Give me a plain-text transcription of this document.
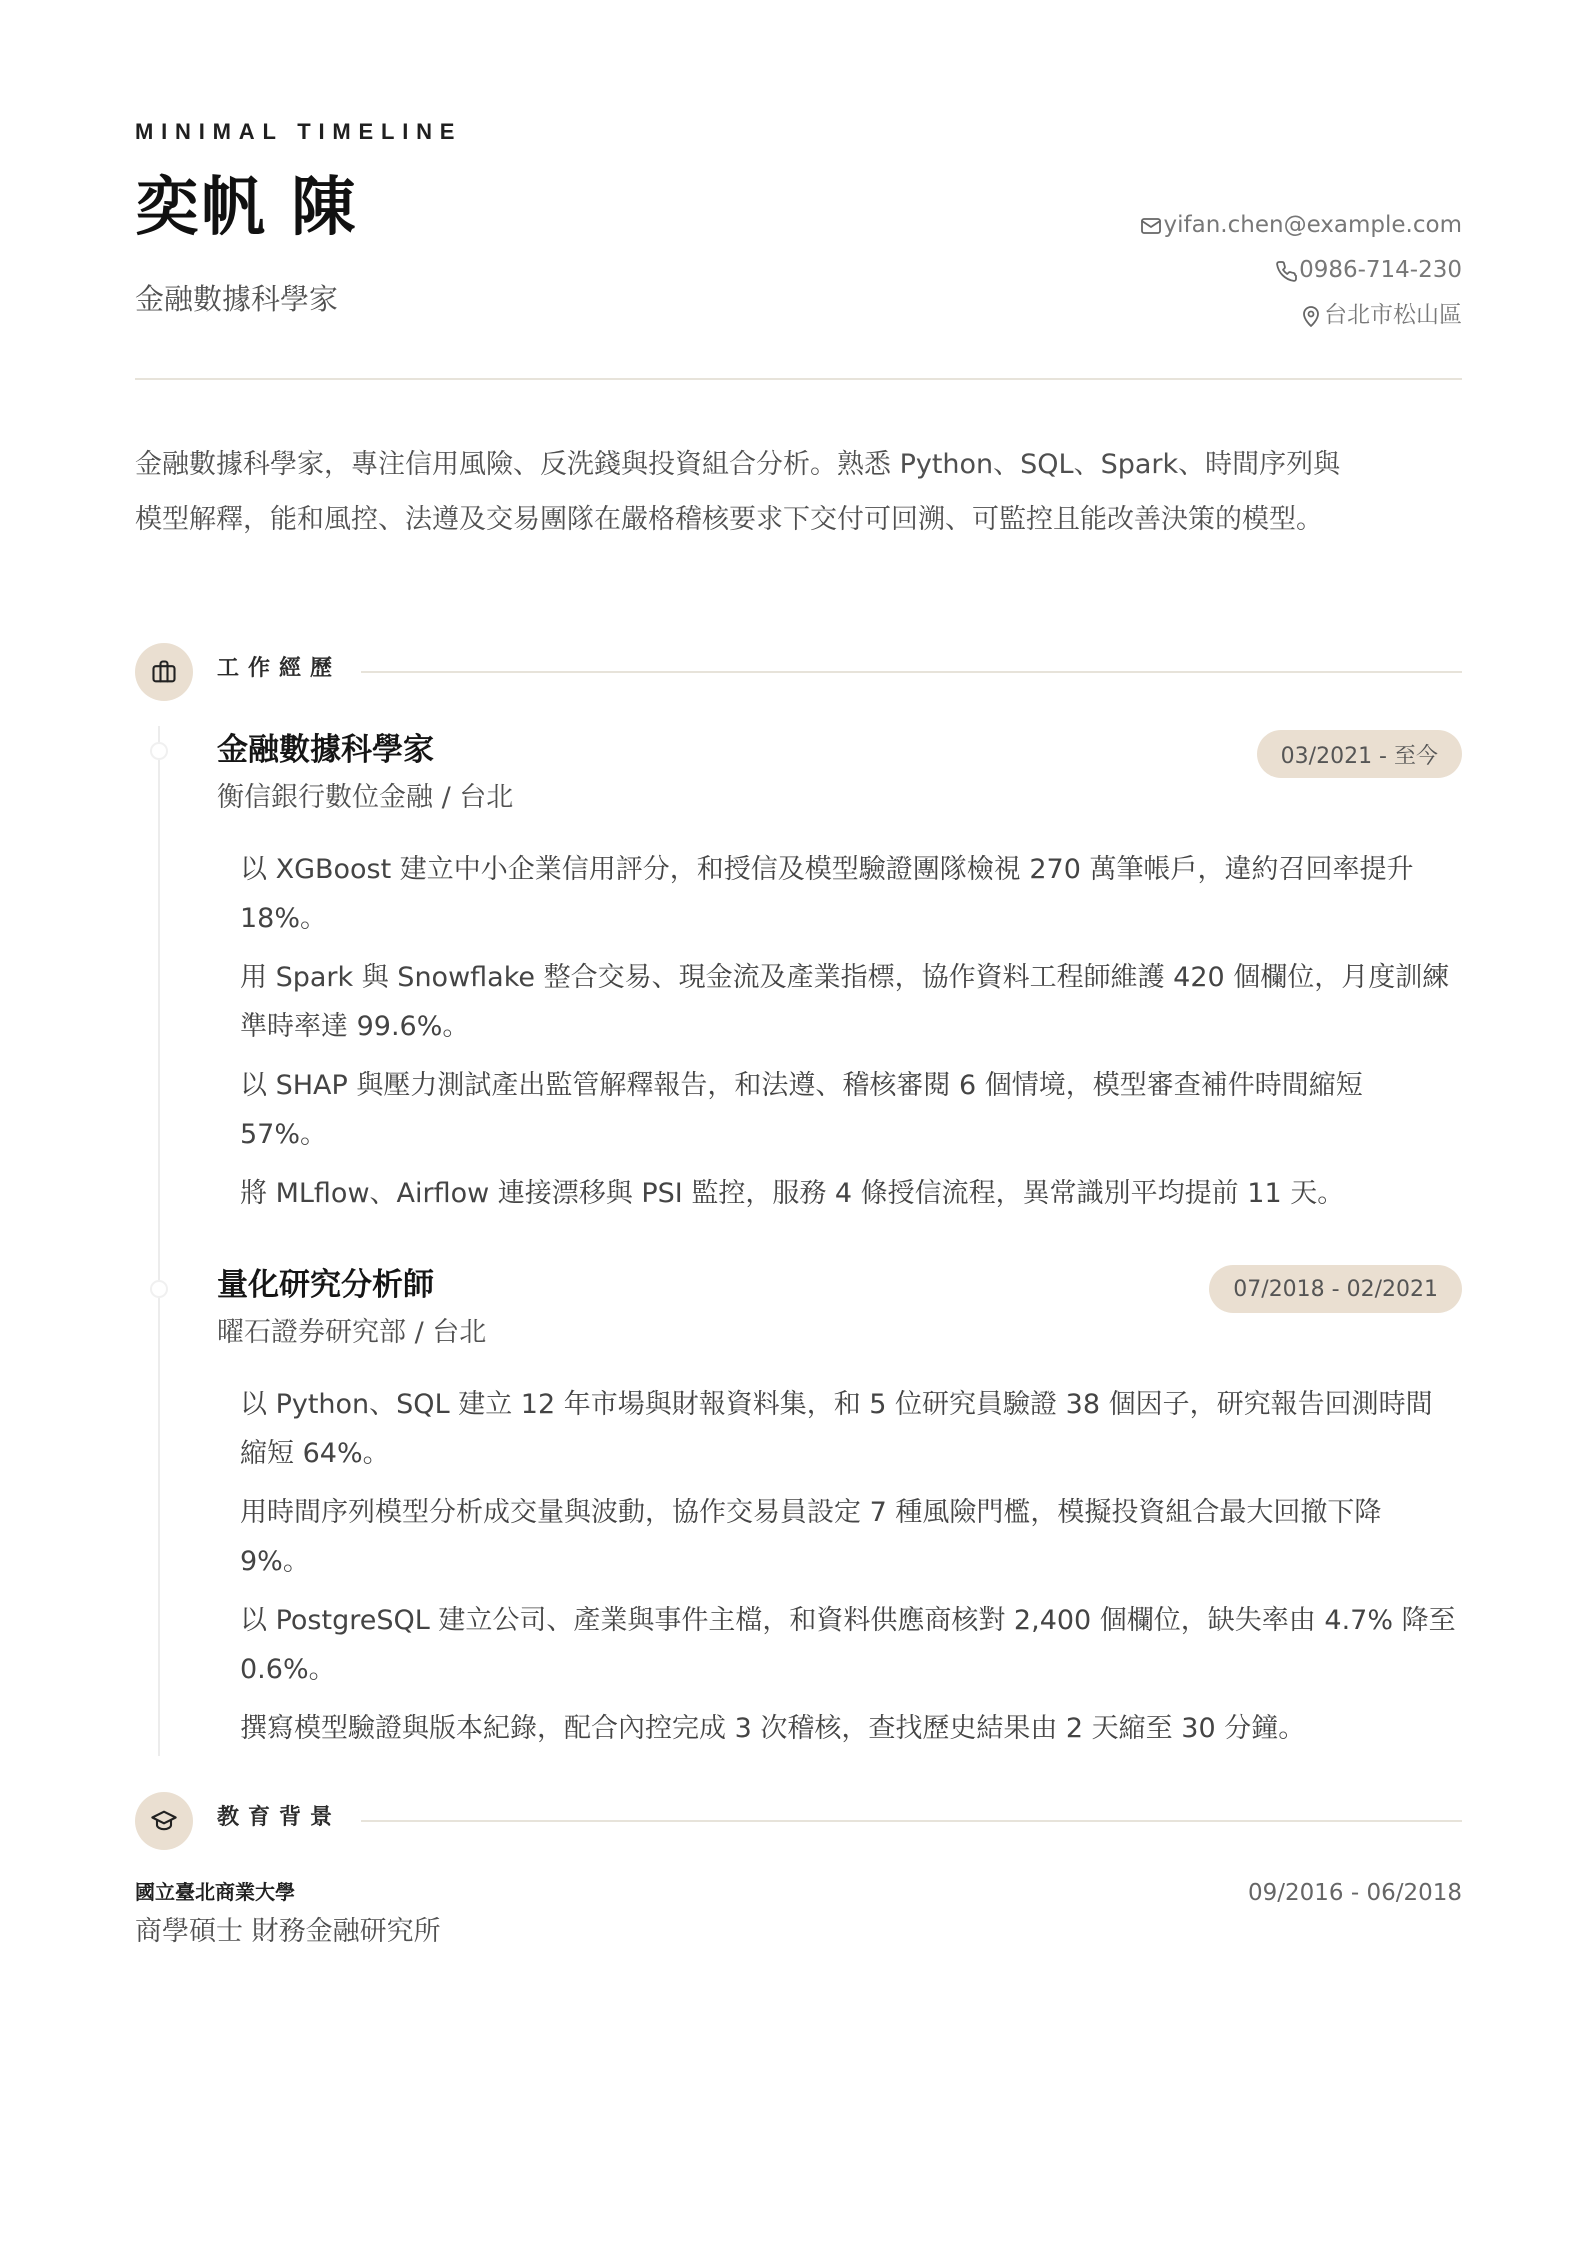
MINIMAL TIMELINE
奕帆 陳
金融數據科學家
yifan.chen@example.com
0986-714-230
台北市松山區
金融數據科學家，專注信用風險、反洗錢與投資組合分析。熟悉 Python、SQL、Spark、時間序列與模型解釋，能和風控、法遵及交易團隊在嚴格稽核要求下交付可回溯、可監控且能改善決策的模型。
工作經歷
金融數據科學家
衡信銀行數位金融 / 台北
03/2021 - 至今
以 XGBoost 建立中小企業信用評分，和授信及模型驗證團隊檢視 270 萬筆帳戶，違約召回率提升 18%。
用 Spark 與 Snowflake 整合交易、現金流及產業指標，協作資料工程師維護 420 個欄位，月度訓練準時率達 99.6%。
以 SHAP 與壓力測試產出監管解釋報告，和法遵、稽核審閱 6 個情境，模型審查補件時間縮短 57%。
將 MLflow、Airflow 連接漂移與 PSI 監控，服務 4 條授信流程，異常識別平均提前 11 天。
量化研究分析師
曜石證券研究部 / 台北
07/2018 - 02/2021
以 Python、SQL 建立 12 年市場與財報資料集，和 5 位研究員驗證 38 個因子，研究報告回測時間縮短 64%。
用時間序列模型分析成交量與波動，協作交易員設定 7 種風險門檻，模擬投資組合最大回撤下降 9%。
以 PostgreSQL 建立公司、產業與事件主檔，和資料供應商核對 2,400 個欄位，缺失率由 4.7% 降至 0.6%。
撰寫模型驗證與版本紀錄，配合內控完成 3 次稽核，查找歷史結果由 2 天縮至 30 分鐘。
教育背景
國立臺北商業大學
商學碩士 財務金融研究所
09/2016 - 06/2018
